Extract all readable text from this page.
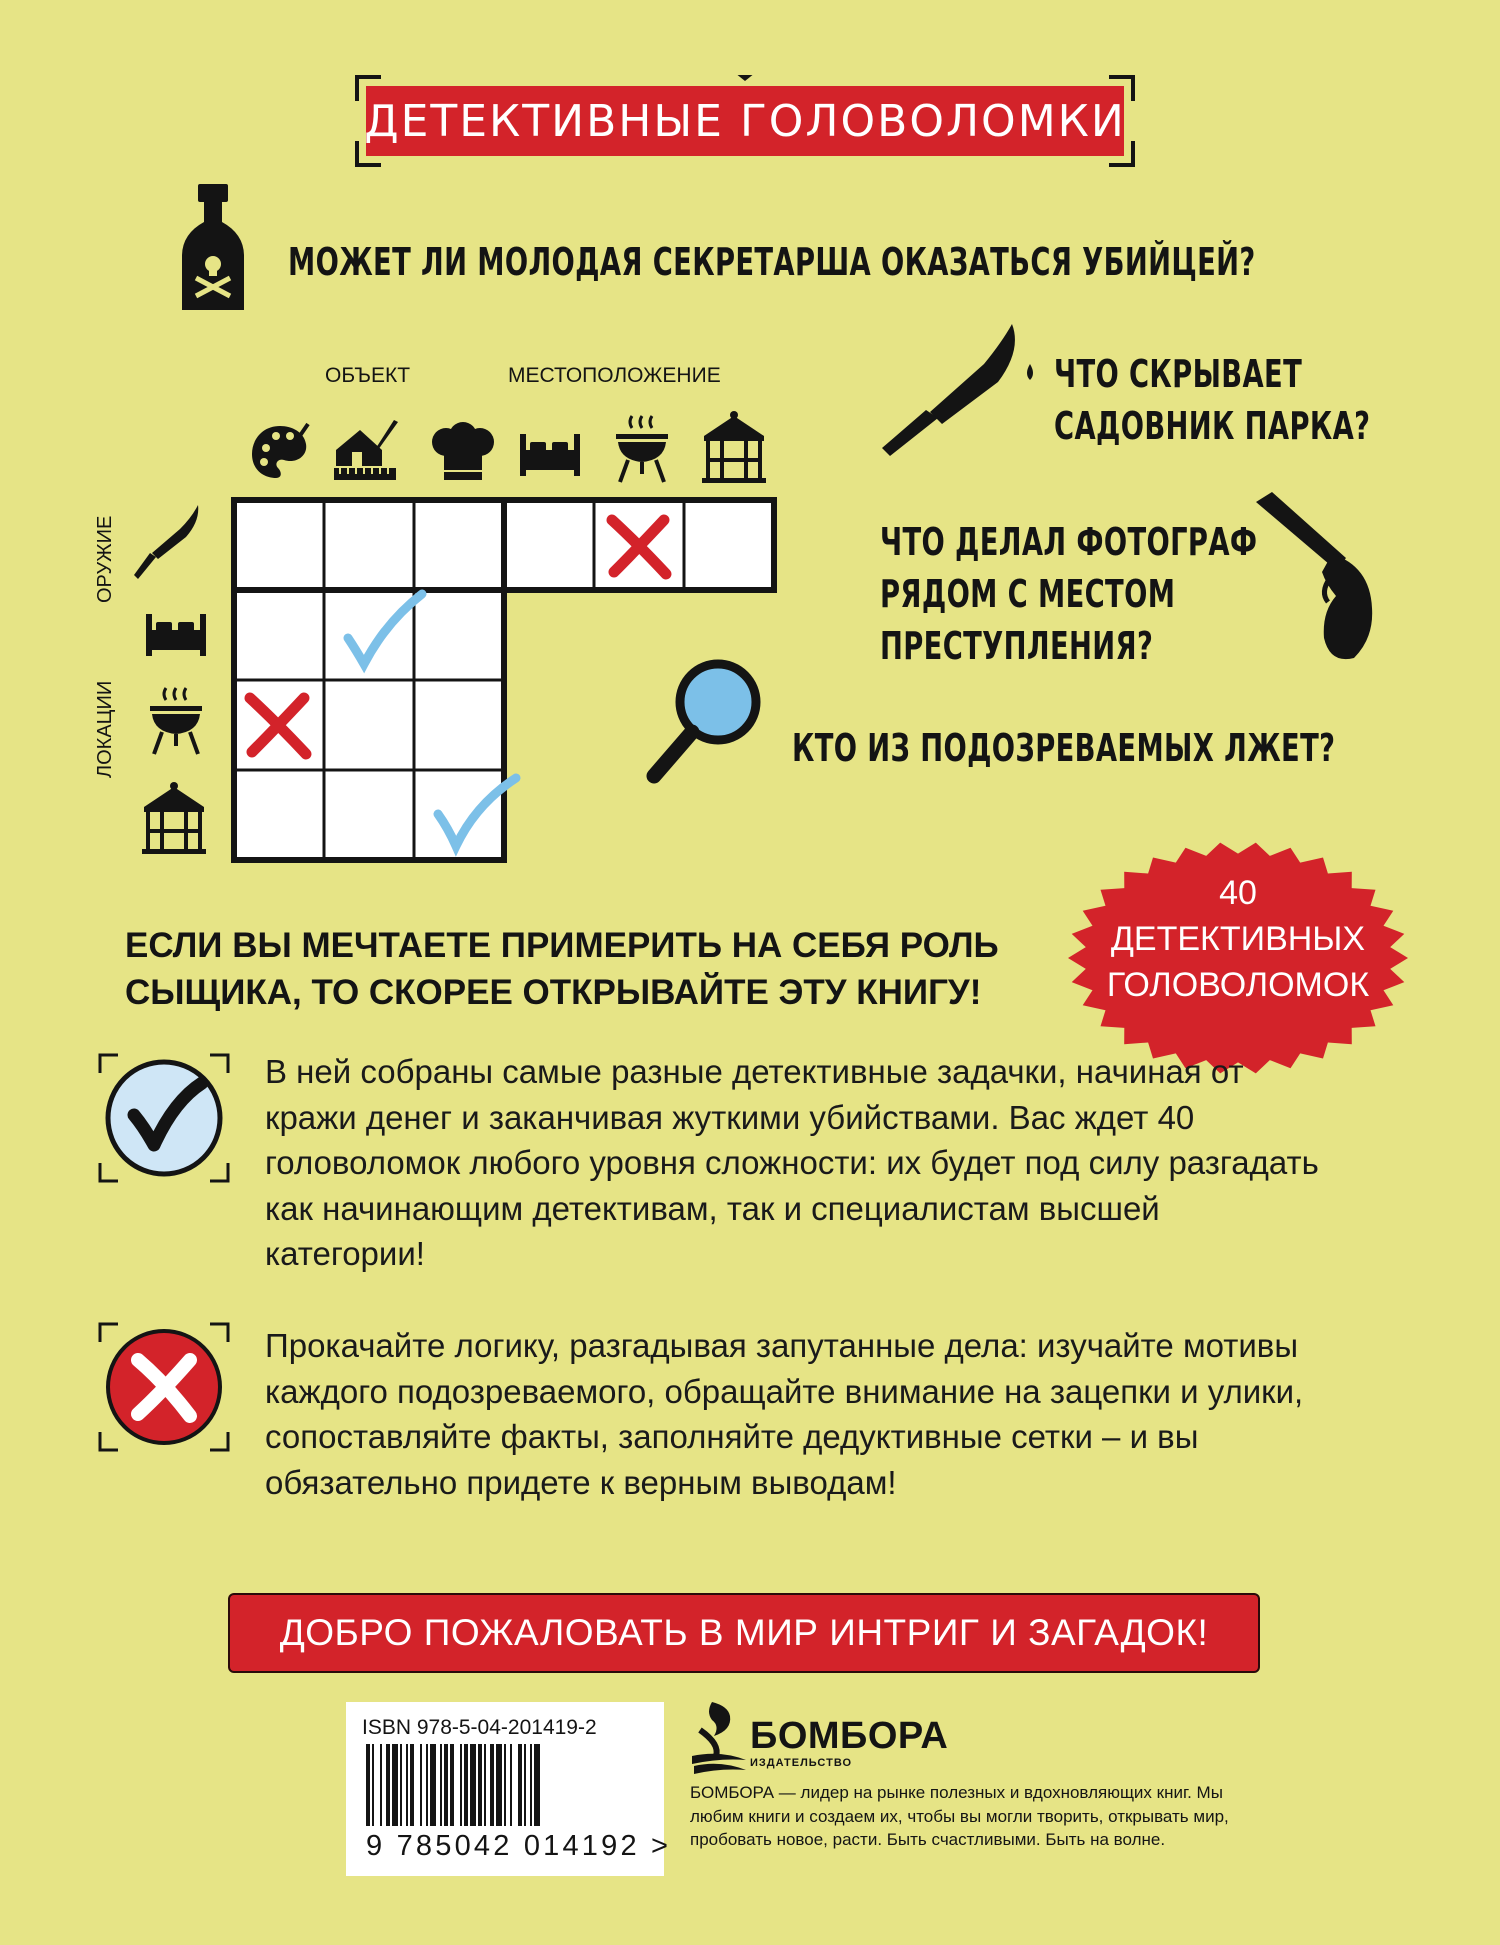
ДЕТЕКТИВНЫЕ ГОЛОВОЛОМКИ
МОЖЕТ ЛИ МОЛОДАЯ СЕКРЕТАРША ОКАЗАТЬСЯ УБИЙЦЕЙ?
ЧТО СКРЫВАЕТ
САДОВНИК ПАРКА?
ЧТО ДЕЛАЛ ФОТОГРАФ
РЯДОМ С МЕСТОМ
ПРЕСТУПЛЕНИЯ?
КТО ИЗ ПОДОЗРЕВАЕМЫХ ЛЖЕТ?
ОБЪЕКТ	МЕСТОПОЛОЖЕНИЕ
ОРУЖИЕ
ЛОКАЦИИ

ЕСЛИ ВЫ МЕЧТАЕТЕ ПРИМЕРИТЬ НА СЕБЯ РОЛЬ СЫЩИКА, ТО СКОРЕЕ ОТКРЫВАЙТЕ ЭТУ КНИГУ!

40
ДЕТЕКТИВНЫХ
ГОЛОВОЛОМОК

В ней собраны самые разные детективные задачки, начиная от кражи денег и заканчивая жуткими убийствами. Вас ждет 40 головоломок любого уровня сложности: их будет под силу разгадать как начинающим детективам, так и специалистам высшей категории!

Прокачайте логику, разгадывая запутанные дела: изучайте мотивы каждого подозреваемого, обращайте внимание на зацепки и улики, сопоставляйте факты, заполняйте дедуктивные сетки – и вы обязательно придете к верным выводам!

ДОБРО ПОЖАЛОВАТЬ В МИР ИНТРИГ И ЗАГАДОК!
ISBN 978-5-04-201419-2
9 785042 014192 >
БОМБОРА
ИЗДАТЕЛЬСТВО

БОМБОРА — лидер на рынке полезных и вдохновляющих книг. Мы любим книги и создаем их, чтобы вы могли творить, открывать мир, пробовать новое, расти. Быть счастливыми. Быть на волне.
